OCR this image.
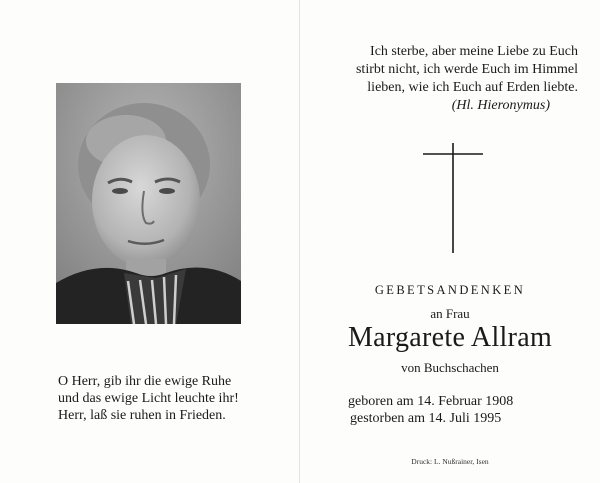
O Herr, gib ihr die ewige Ruhe
und das ewige Licht leuchte ihr!
Herr, laß sie ruhen in Frieden.

Ich sterbe, aber meine Liebe zu Euch
stirbt nicht, ich werde Euch im Himmel
lieben, wie ich Euch auf Erden liebte.

(Hl. Hieronymus)

GEBETSANDENKEN

an Frau

Margarete Allram

von Buchschachen

geboren am 14. Februar 1908
gestorben am 14. Juli 1995

Druck: L. Nußrainer, Isen
